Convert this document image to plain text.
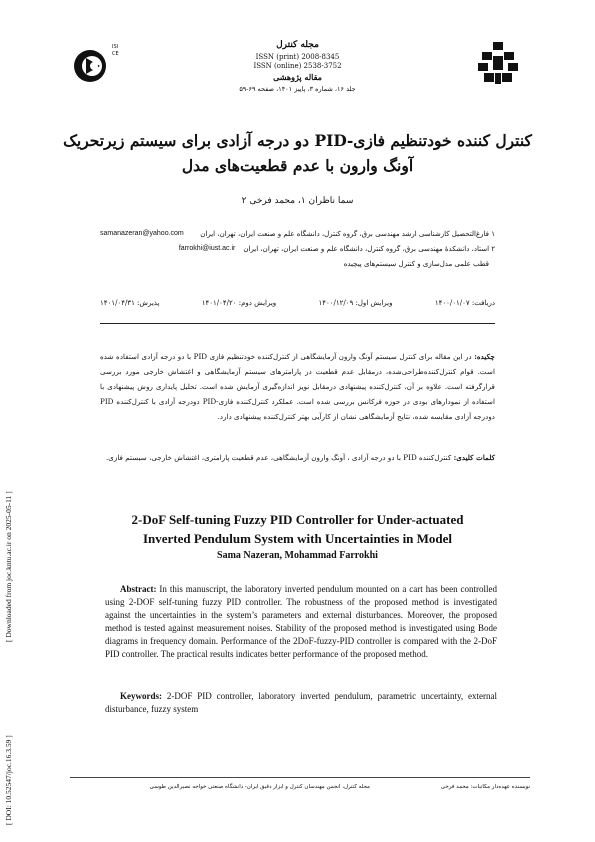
ISICE
مجله کنترل
ISSN (print) 2008-8345
ISSN (online) 2538-3752
مقاله پژوهشی
جلد ۱۶، شماره ۳، پاییز ۱۴۰۱، صفحه ۶۹-۵۹
کنترل کننده خودتنظیم فازی-PID دو درجه آزادی برای سیستم زیرتحریک
آونگ وارون با عدم قطعیت‌های مدل
سما ناظران ۱، محمد فرخی ۲
samanazeran@yahoo.com ۱ فارغ‌التحصیل کارشناسی ارشد مهندسی برق، گروه کنترل، دانشگاه علم و صنعت ایران، تهران، ایران
farrokhi@iust.ac.ir ۲ استاد، دانشکدهٔ مهندسی برق، گروه کنترل، دانشگاه علم و صنعت ایران، تهران، ایران
قطب علمی مدل‌سازی و کنترل سیستم‌های پیچیده
دریافت: ۱۴۰۰/۰۱/۰۷
ویرایش اول: ۱۴۰۰/۱۲/۰۹
ویرایش دوم: ۱۴۰۱/۰۴/۲۰
پذیرش: ۱۴۰۱/۰۴/۳۱
چکیده: در این مقاله برای کنترل سیستم آونگ وارون آزمایشگاهی از کنترل‌کننده خودتنظیم فازی PID با دو درجه آزادی استفاده شده است. قوام کنترل‌کننده‌طراحی‌شده، درمقابل عدم قطعیت در پارامترهای سیستم آزمایشگاهی و اغتشاش خارجی مورد بررسی قرارگرفته است. علاوه بر آن، کنترل‌کننده پیشنهادی درمقابل نویز اندازه‌گیری آزمایش شده است. تحلیل پایداری روش پیشنهادی با استفاده از نمودارهای بودی در حوزه فرکانس بررسی شده است. عملکرد کنترل‌کننده فازی-PID دودرجه آزادی با کنترل‌کننده PID دودرجه آزادی مقایسه شده، نتایج آزمایشگاهی نشان از کارآیی بهتر کنترل‌کننده پیشنهادی دارد.
کلمات کلیدی: کنترل‌کننده PID با دو درجه آزادی ، آونگ وارون آزمایشگاهی، عدم قطعیت پارامتری، اغتشاش خارجی، سیستم فازی.
2-DoF Self-tuning Fuzzy PID Controller for Under-actuated
Inverted Pendulum System with Uncertainties in Model
Sama Nazeran, Mohammad Farrokhi
Abstract: In this manuscript, the laboratory inverted pendulum mounted on a cart has been controlled using 2-DOF self-tuning fuzzy PID controller. The robustness of the proposed method is investigated against the uncertainties in the system’s parameters and external disturbances. Moreover, the proposed method is tested against measurement noises. Stability of the proposed method is investigated using Bode diagrams in frequency domain. Performance of the 2DoF-fuzzy-PID controller is compared with the 2-DoF PID controller. The practical results indicates better performance of the proposed method.
Keywords: 2-DOF PID controller, laboratory inverted pendulum, parametric uncertainty, external disturbance, fuzzy system
نویسنده عهده‌دار مکاتبات: محمد فرخی
مجله کنترل، انجمن مهندسان کنترل و ابزار دقیق ایران- دانشگاه صنعتی خواجه نصیرالدین طوسی
[ DOI: 10.52547/joc.16.3.59 ]
[ Downloaded from joc.kntu.ac.ir on 2025-05-11 ]
